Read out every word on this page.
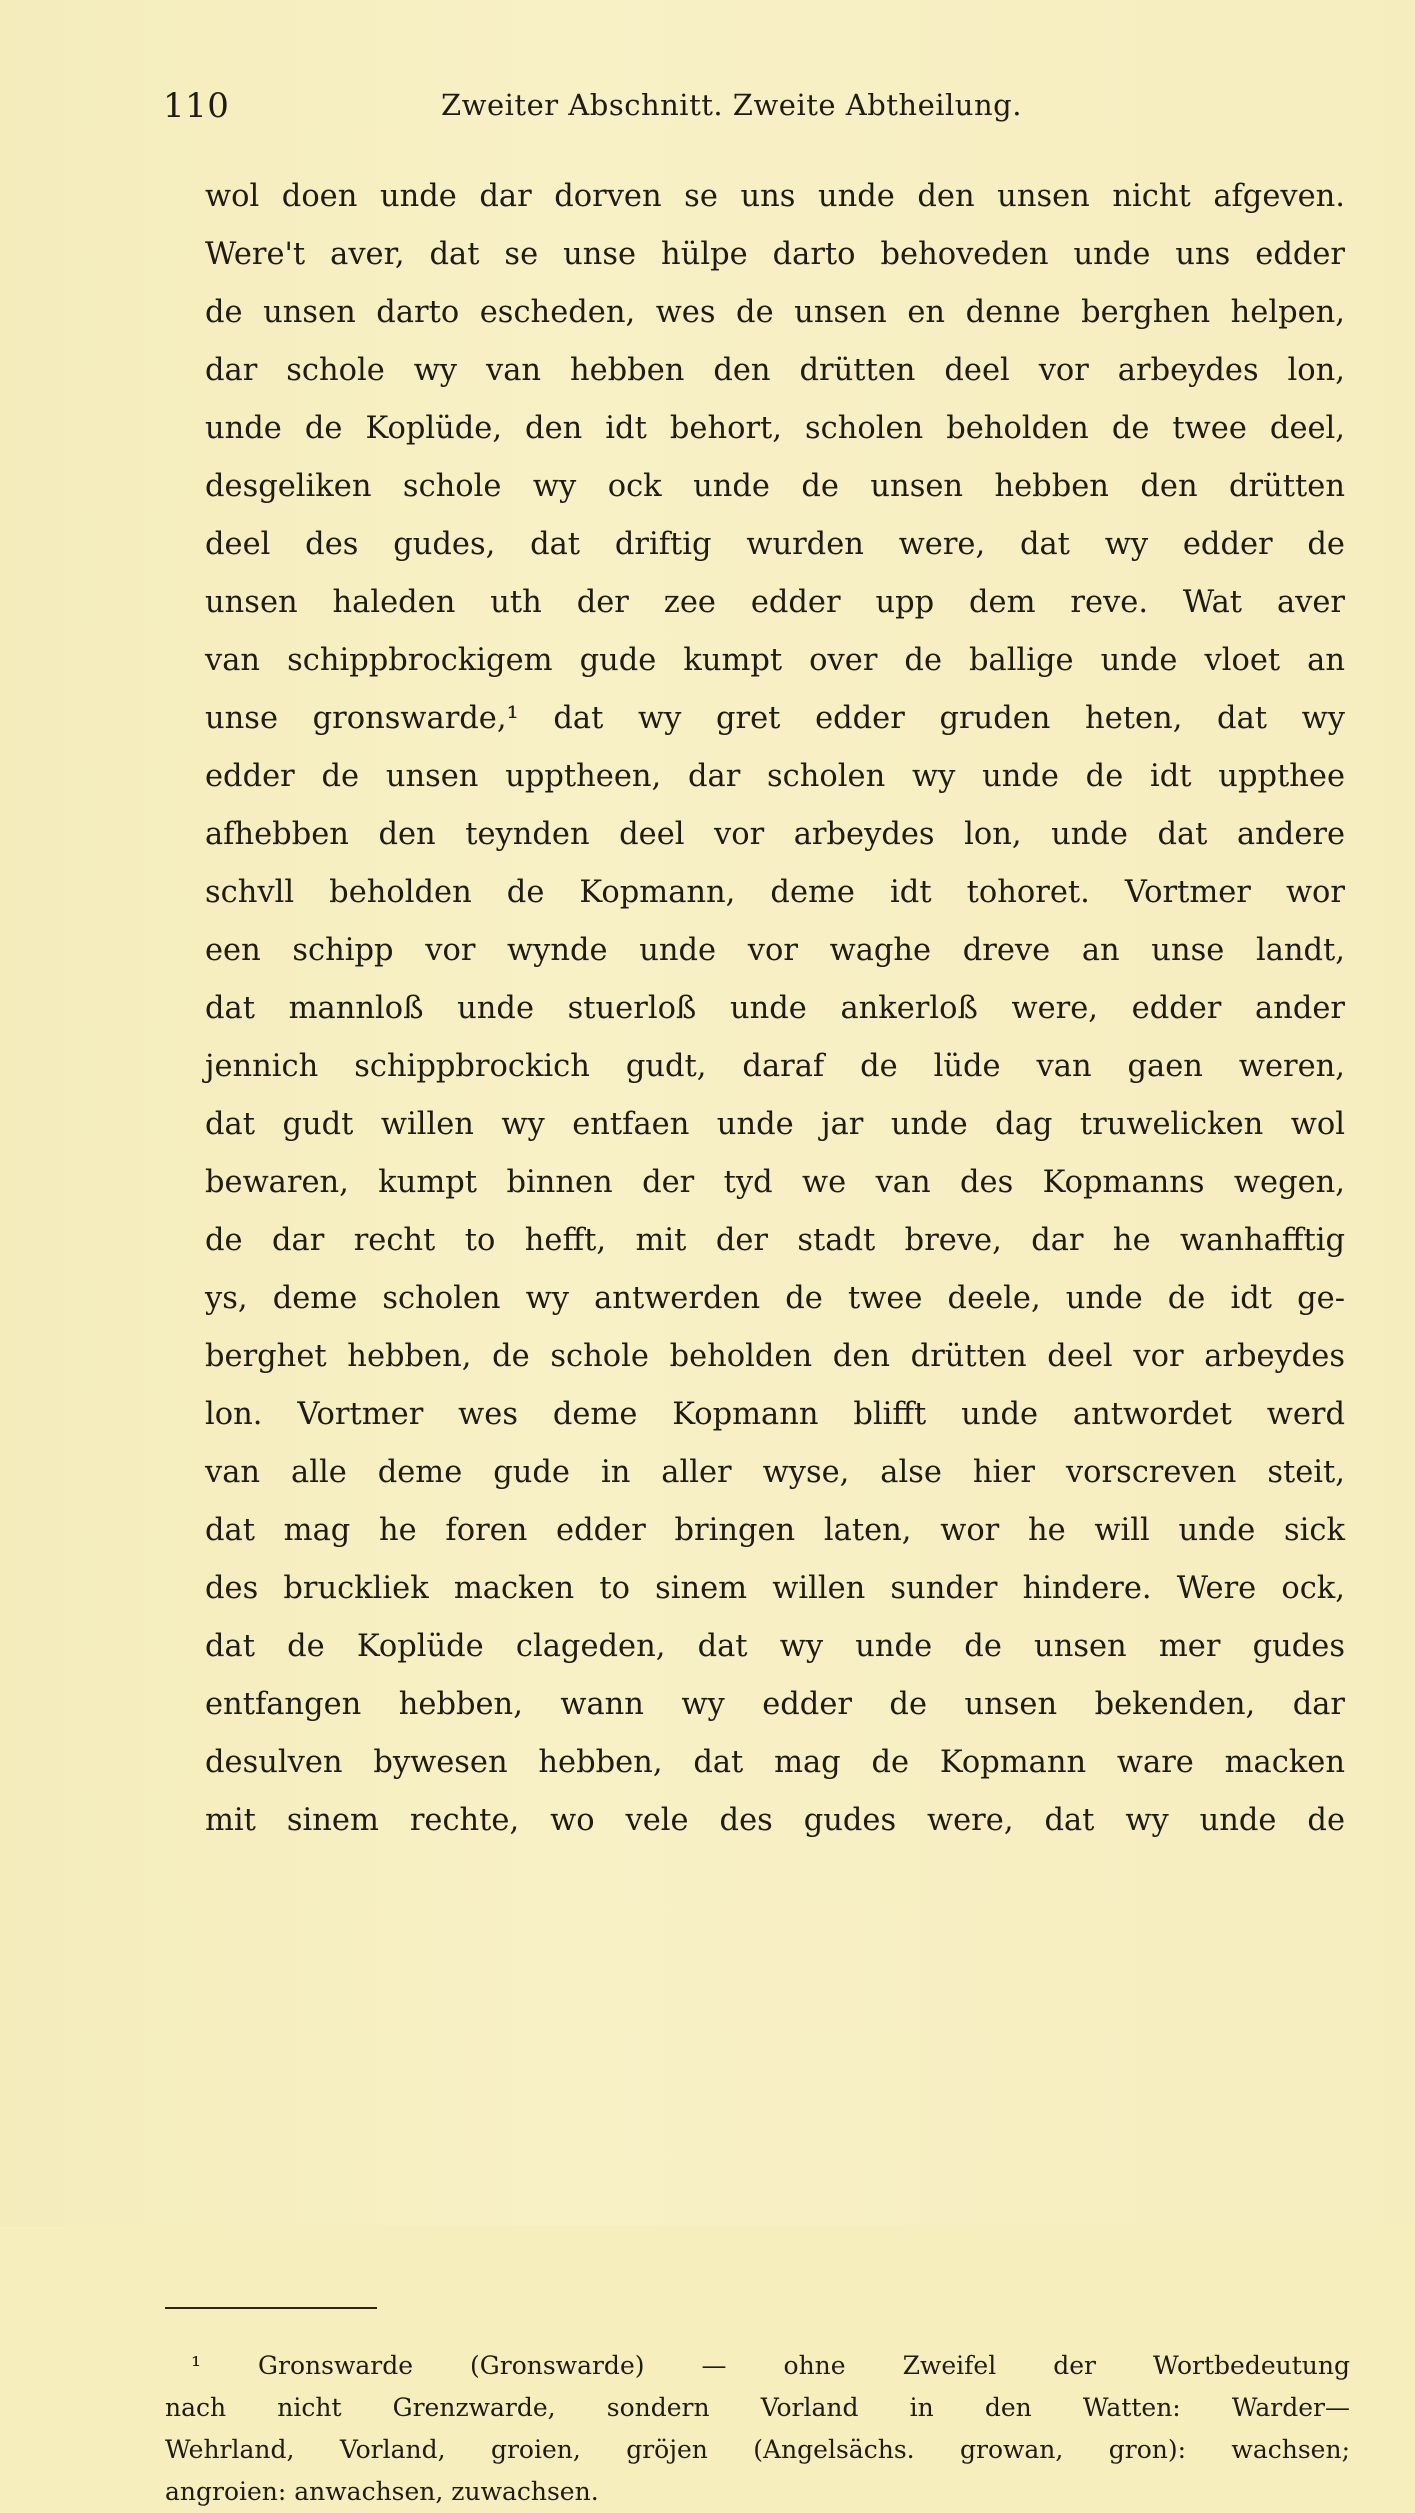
110	Zweiter Abschnitt. Zweite Abtheilung.
wol doen unde dar dorven se uns unde den unsen nicht afgeven.
Were't aver, dat se unse hülpe darto behoveden unde uns edder
de unsen darto escheden, wes de unsen en denne berghen helpen,
dar schole wy van hebben den drütten deel vor arbeydes lon,
unde de Koplüde, den idt behort, scholen beholden de twee deel,
desgeliken schole wy ock unde de unsen hebben den drütten
deel des gudes, dat driftig wurden were, dat wy edder de
unsen haleden uth der zee edder upp dem reve. Wat aver
van schippbrockigem gude kumpt over de ballige unde vloet an
unse gronswarde,¹ dat wy gret edder gruden heten, dat wy
edder de unsen upptheen, dar scholen wy unde de idt uppthee
afhebben den teynden deel vor arbeydes lon, unde dat andere
schvll beholden de Kopmann, deme idt tohoret. Vortmer wor
een schipp vor wynde unde vor waghe dreve an unse landt,
dat mannloß unde stuerloß unde ankerloß were, edder ander
jennich schippbrockich gudt, daraf de lüde van gaen weren,
dat gudt willen wy entfaen unde jar unde dag truwelicken wol
bewaren, kumpt binnen der tyd we van des Kopmanns wegen,
de dar recht to hefft, mit der stadt breve, dar he wanhafftig
ys, deme scholen wy antwerden de twee deele, unde de idt ge-
berghet hebben, de schole beholden den drütten deel vor arbeydes
lon. Vortmer wes deme Kopmann blifft unde antwordet werd
van alle deme gude in aller wyse, alse hier vorscreven steit,
dat mag he foren edder bringen laten, wor he will unde sick
des bruckliek macken to sinem willen sunder hindere. Were ock,
dat de Koplüde clageden, dat wy unde de unsen mer gudes
entfangen hebben, wann wy edder de unsen bekenden, dar
desulven bywesen hebben, dat mag de Kopmann ware macken
mit sinem rechte, wo vele des gudes were, dat wy unde de
¹ Gronswarde (Gronswarde) — ohne Zweifel der Wortbedeutung
nach nicht Grenzwarde, sondern Vorland in den Watten: Warder—
Wehrland, Vorland, groien, gröjen (Angelsächs. growan, gron): wachsen;
angroien: anwachsen, zuwachsen.
